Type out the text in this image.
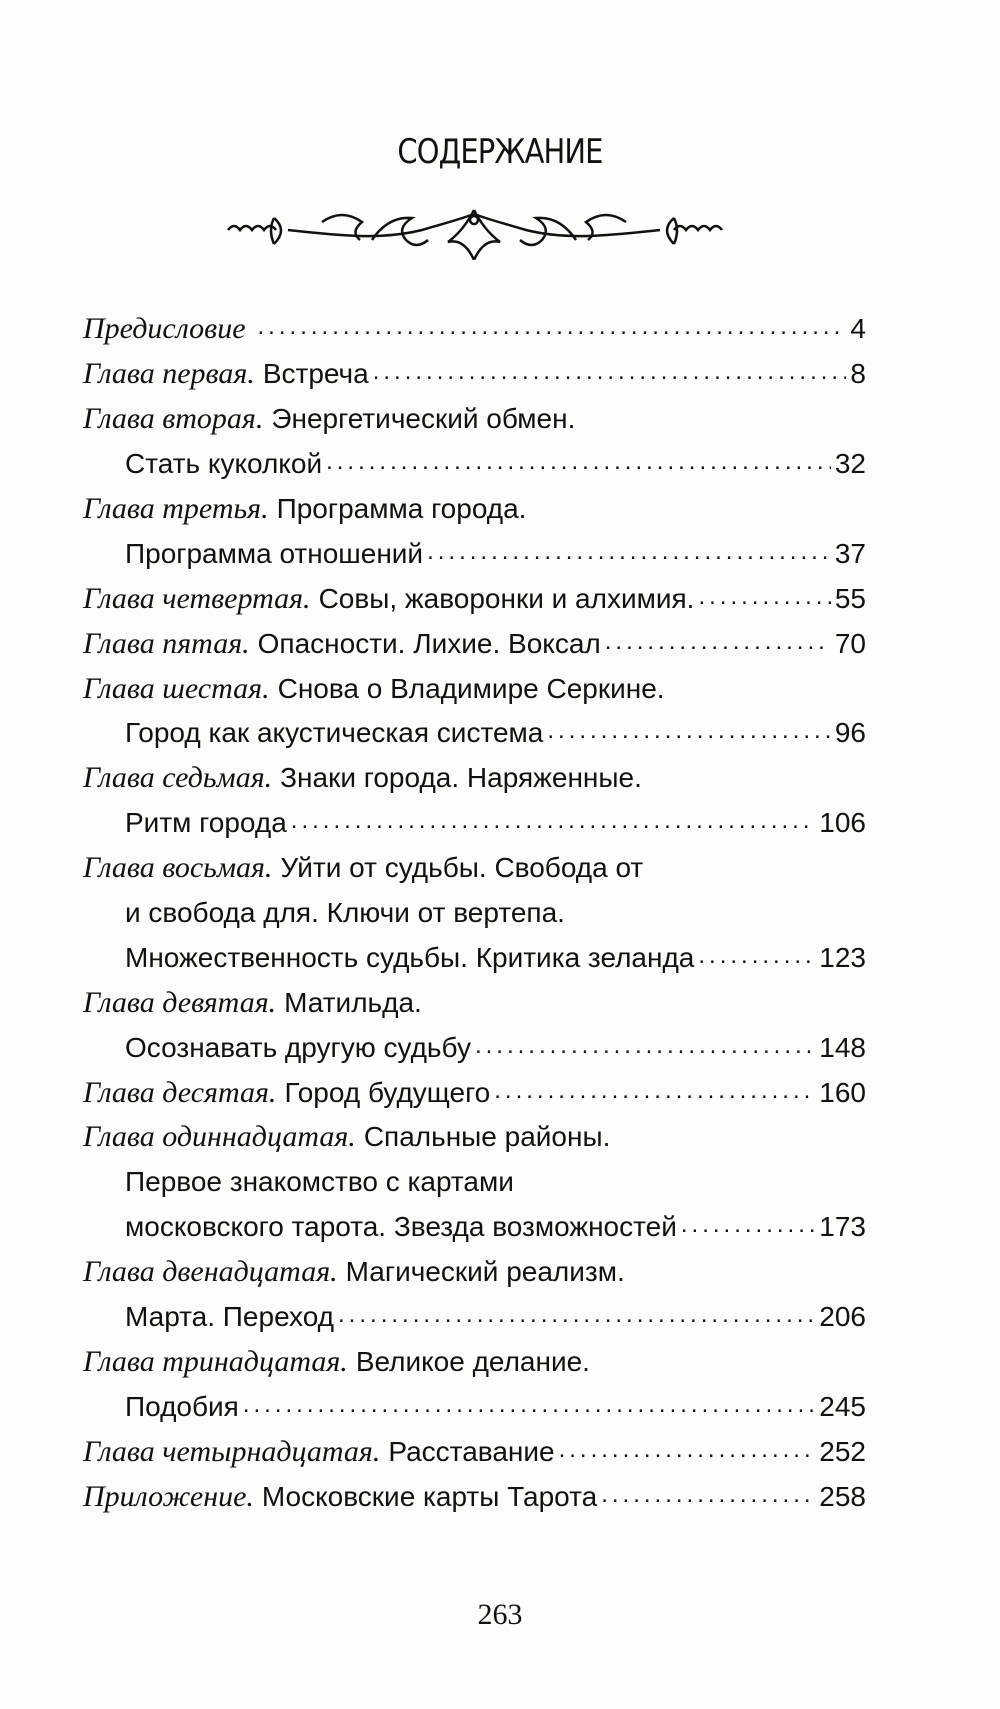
СОДЕРЖАНИЕ
Предисловие .....	4
Глава первая. Встреча .....	8
Глава вторая. Энергетический обмен.
Стать куколкой .....	32
Глава третья. Программа города.
Программа отношений .....	37
Глава четвертая. Совы, жаворонки и алхимия. .....	55
Глава пятая. Опасности. Лихие. Воксал .....	70
Глава шестая. Снова о Владимире Серкине.
Город как акустическая система .....	96
Глава седьмая. Знаки города. Наряженные.
Ритм города .....	106
Глава восьмая. Уйти от судьбы. Свобода от
и свобода для. Ключи от вертепа.
Множественность судьбы. Критика зеланда .....	123
Глава девятая. Матильда.
Осознавать другую судьбу .....	148
Глава десятая. Город будущего .....	160
Глава одиннадцатая. Спальные районы.
Первое знакомство с картами
московского тарота. Звезда возможностей .....	173
Глава двенадцатая. Магический реализм.
Марта. Переход .....	206
Глава тринадцатая. Великое делание.
Подобия .....	245
Глава четырнадцатая. Расставание .....	252
Приложение. Московские карты Тарота .....	258
263
